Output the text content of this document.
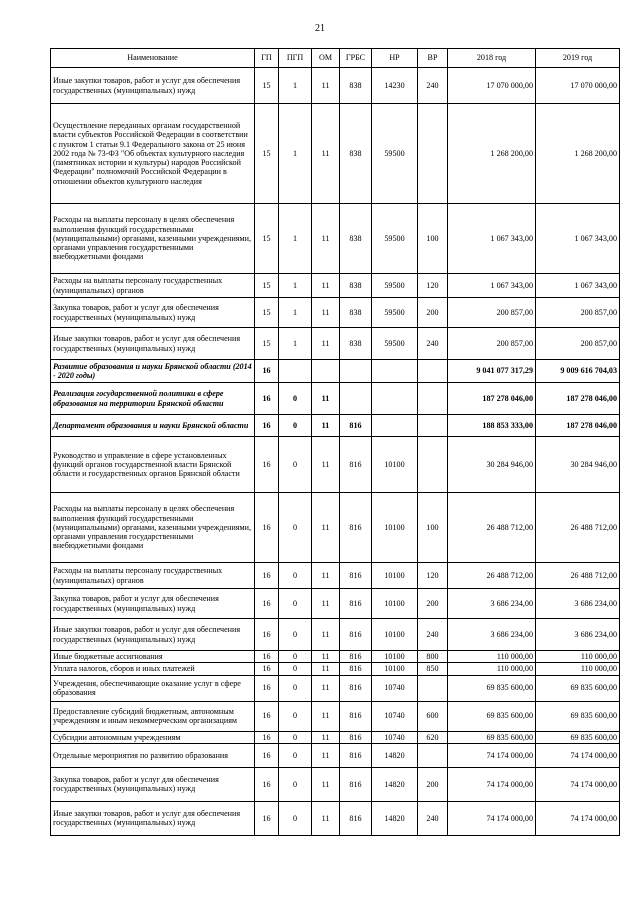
21
Наименование	ГП	ПГП	ОМ	ГРБС	НР	ВР	2018 год	2019 год
Иные закупки товаров, работ и услуг для обеспечения государственных (муниципальных) нужд	15	1	11	838	14230	240	17 070 000,00	17 070 000,00
Осуществление переданных органам государственной власти субъектов Российской Федерации в соответствии с пунктом 1 статьи 9.1 Федерального закона от 25 июня 2002 года № 73-ФЗ "Об объектах культурного наследия (памятниках истории и культуры) народов Российской Федерации" полномочий Российской Федерации в отношении объектов культурного наследия	15	1	11	838	59500		1 268 200,00	1 268 200,00
Расходы на выплаты персоналу в целях обеспечения выполнения функций государственными (муниципальными) органами, казенными учреждениями, органами управления государственными внебюджетными фондами	15	1	11	838	59500	100	1 067 343,00	1 067 343,00
Расходы на выплаты персоналу государственных (муниципальных) органов	15	1	11	838	59500	120	1 067 343,00	1 067 343,00
Закупка товаров, работ и услуг для обеспечения государственных (муниципальных) нужд	15	1	11	838	59500	200	200 857,00	200 857,00
Иные закупки товаров, работ и услуг для обеспечения государственных (муниципальных) нужд	15	1	11	838	59500	240	200 857,00	200 857,00
Развитие образования и науки Брянской области (2014 - 2020 годы)	16						9 041 077 317,29	9 009 616 704,03
Реализация государственной политики в сфере образования на территории Брянской области	16	0	11				187 278 046,00	187 278 046,00
Департамент образования и науки Брянской области	16	0	11	816			188 853 333,00	187 278 046,00
Руководство и управление в сфере установленных функций органов государственной власти Брянской области и государственных органов Брянской области	16	0	11	816	10100		30 284 946,00	30 284 946,00
Расходы на выплаты персоналу в целях обеспечения выполнения функций государственными (муниципальными) органами, казенными учреждениями, органами управления государственными внебюджетными фондами	16	0	11	816	10100	100	26 488 712,00	26 488 712,00
Расходы на выплаты персоналу государственных (муниципальных) органов	16	0	11	816	10100	120	26 488 712,00	26 488 712,00
Закупка товаров, работ и услуг для обеспечения государственных (муниципальных) нужд	16	0	11	816	10100	200	3 686 234,00	3 686 234,00
Иные закупки товаров, работ и услуг для обеспечения государственных (муниципальных) нужд	16	0	11	816	10100	240	3 686 234,00	3 686 234,00
Иные бюджетные ассигнования	16	0	11	816	10100	800	110 000,00	110 000,00
Уплата налогов, сборов и иных платежей	16	0	11	816	10100	850	110 000,00	110 000,00
Учреждения, обеспечивающие оказание услуг в сфере образования	16	0	11	816	10740		69 835 600,00	69 835 600,00
Предоставление субсидий бюджетным, автономным учреждениям и иным некоммерческим организациям	16	0	11	816	10740	600	69 835 600,00	69 835 600,00
Субсидии автономным учреждениям	16	0	11	816	10740	620	69 835 600,00	69 835 600,00
Отдельные мероприятия по развитию образования	16	0	11	816	14820		74 174 000,00	74 174 000,00
Закупка товаров, работ и услуг для обеспечения государственных (муниципальных) нужд	16	0	11	816	14820	200	74 174 000,00	74 174 000,00
Иные закупки товаров, работ и услуг для обеспечения государственных (муниципальных) нужд	16	0	11	816	14820	240	74 174 000,00	74 174 000,00
